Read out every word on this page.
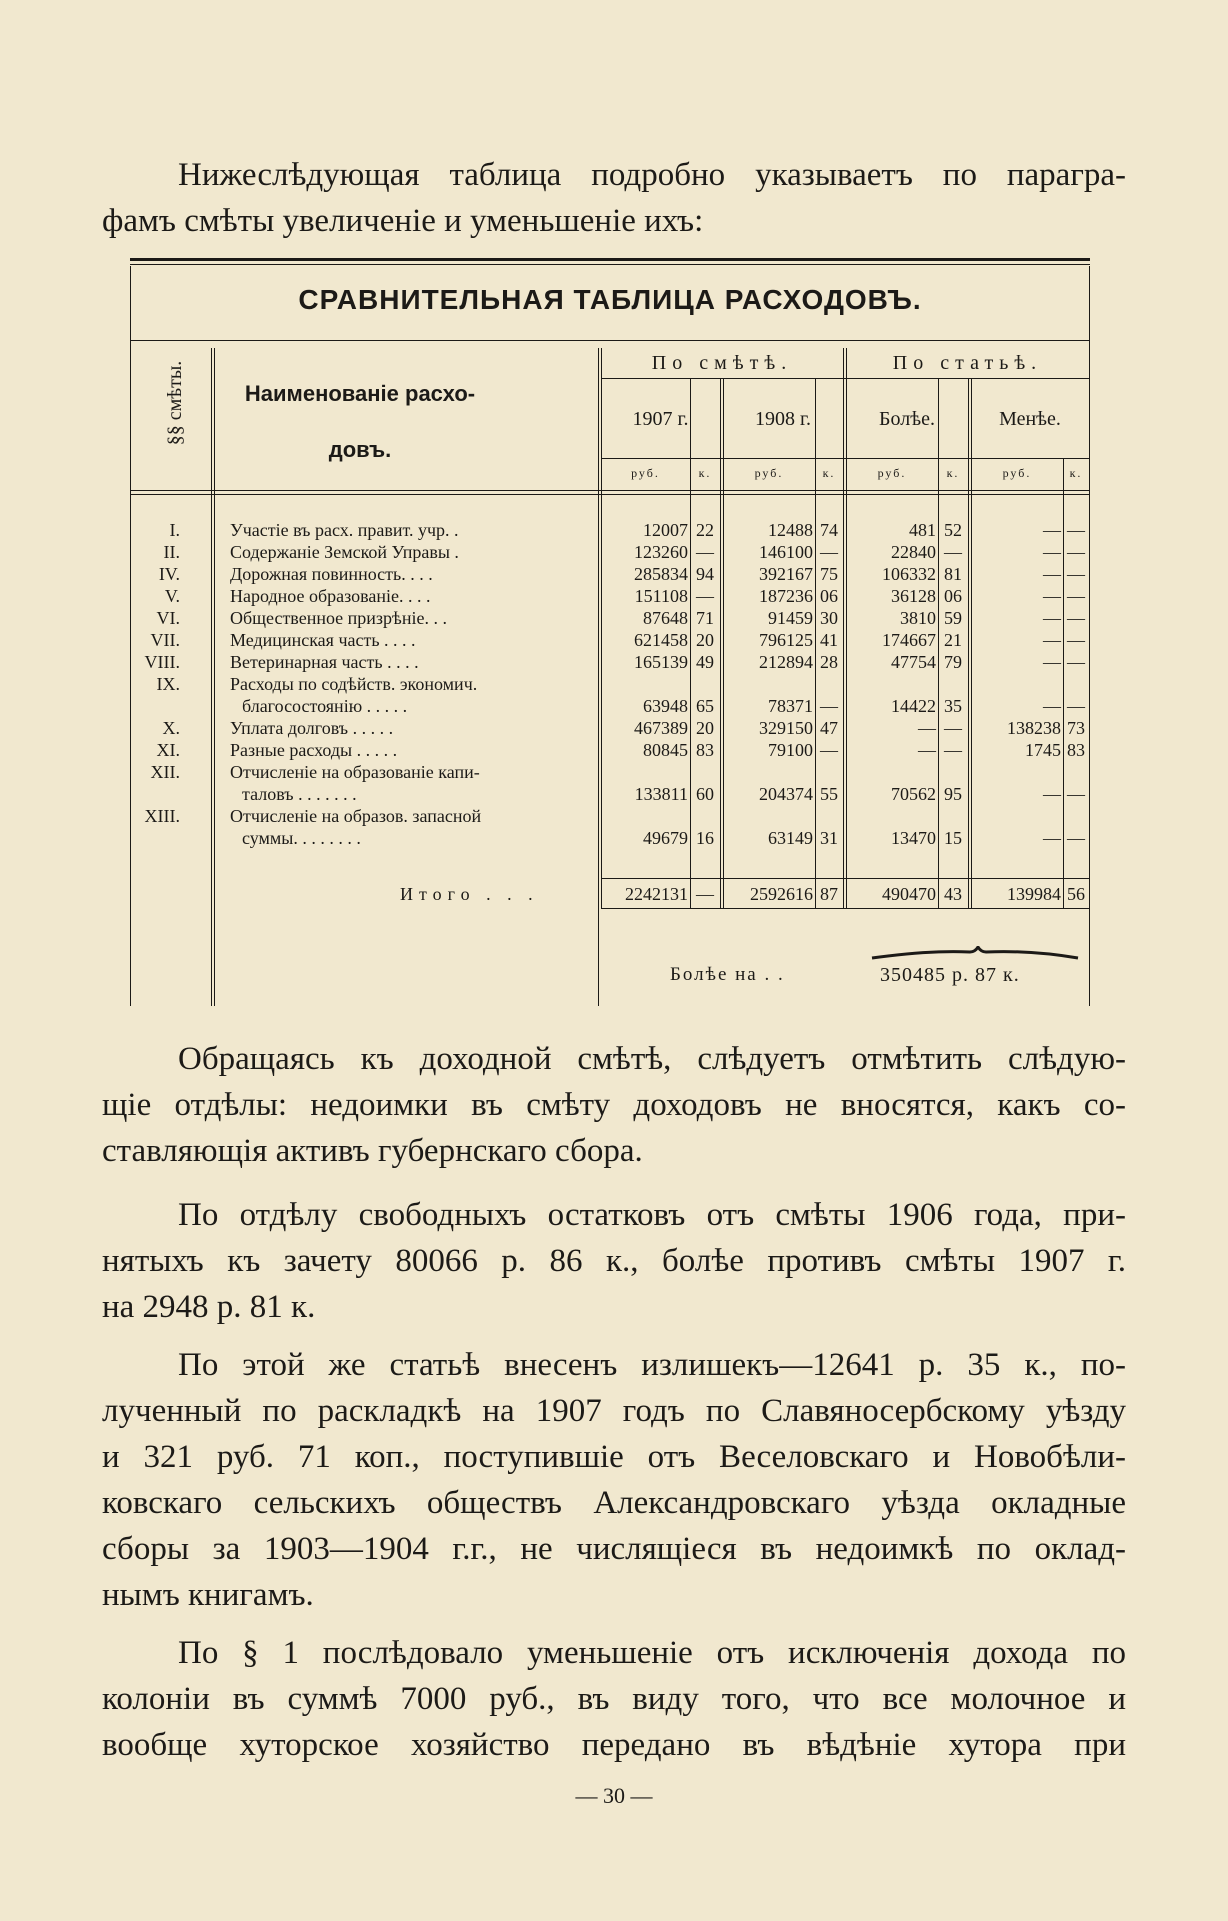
Нижеслѣдующая таблица подробно указываетъ по парагра-
фамъ смѣты увеличеніе и уменьшеніе ихъ:

СРАВНИТЕЛЬНАЯ ТАБЛИЦА РАСХОДОВЪ.
§§ смѣты.	Наименованіе расхо-
довъ.
По смѣтѣ.	По статьѣ.
1907 г.	1908 г.	Болѣе.	Менѣе.
руб.	к.	руб.	к.	руб.	к.	руб.	к.
I.	Участіе въ расх. правит. учр. .	12007 22	12488 74	481 52	— —
II.	Содержаніе Земской Управы .	123260 —	146100 —	22840 —	— —
IV.	Дорожная повинность. . . .	285834 94	392167 75	106332 81	— —
V.	Народное образованіе. . . .	151108 —	187236 06	36128 06	— —
VI.	Общественное призрѣніе. . .	87648 71	91459 30	3810 59	— —
VII.	Медицинская часть . . . .	621458 20	796125 41	174667 21	— —
VIII.	Ветеринарная часть . . . .	165139 49	212894 28	47754 79	— —
IX.	Расходы по содѣйств. экономич.
благосостоянію . . . . .	63948 65	78371 —	14422 35	— —
X.	Уплата долговъ . . . . .	467389 20	329150 47	— —	138238 73
XI.	Разные расходы . . . . .	80845 83	79100 —	— —	1745 83
XII.	Отчисленіе на образованіе капи-
таловъ . . . . . . .	133811 60	204374 55	70562 95	— —
XIII.	Отчисленіе на образов. запасной
суммы. . . . . . . .	49679 16	63149 31	13470 15	— —
Итого . . .	2242131 —	2592616 87	490470 43	139984 56
Болѣе на . .	350485 р. 87 к.

Обращаясь къ доходной смѣтѣ, слѣдуетъ отмѣтить слѣдую-
щіе отдѣлы: недоимки въ смѣту доходовъ не вносятся, какъ со-
ставляющія активъ губернскаго сбора.

По отдѣлу свободныхъ остатковъ отъ смѣты 1906 года, при-
нятыхъ къ зачету 80066 р. 86 к., болѣе противъ смѣты 1907 г.
на 2948 р. 81 к.

По этой же статьѣ внесенъ излишекъ—12641 р. 35 к., по-
лученный по раскладкѣ на 1907 годъ по Славяносербскому уѣзду
и 321 руб. 71 коп., поступившіе отъ Веселовскаго и Новобѣли-
ковскаго сельскихъ обществъ Александровскаго уѣзда окладные
сборы за 1903—1904 г.г., не числящіеся въ недоимкѣ по оклад-
нымъ книгамъ.

По § 1 послѣдовало уменьшеніе отъ исключенія дохода по
колоніи въ суммѣ 7000 руб., въ виду того, что все молочное и
вообще хуторское хозяйство передано въ вѣдѣніе хутора при

— 30 —
